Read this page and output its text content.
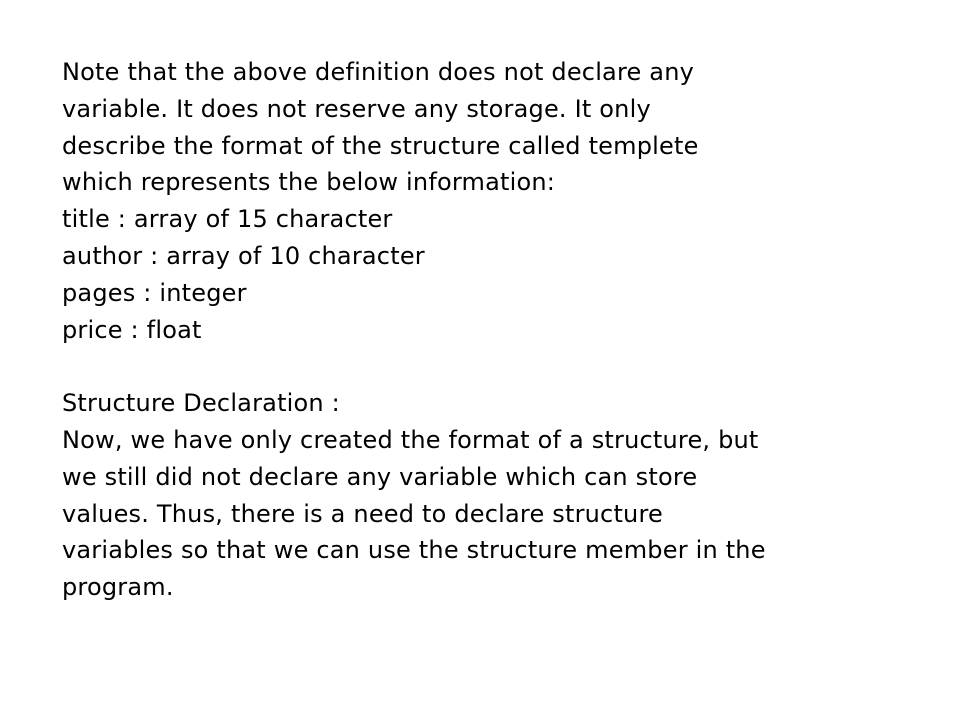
Note that the above definition does not declare any
variable. It does not reserve any storage. It only
describe the format of the structure called templete
which represents the below information:
title : array of 15 character
author : array of 10 character
pages : integer
price : float
Structure Declaration :
Now, we have only created the format of a structure, but
we still did not declare any variable which can store
values. Thus, there is a need to declare structure
variables so that we can use the structure member in the
program.
